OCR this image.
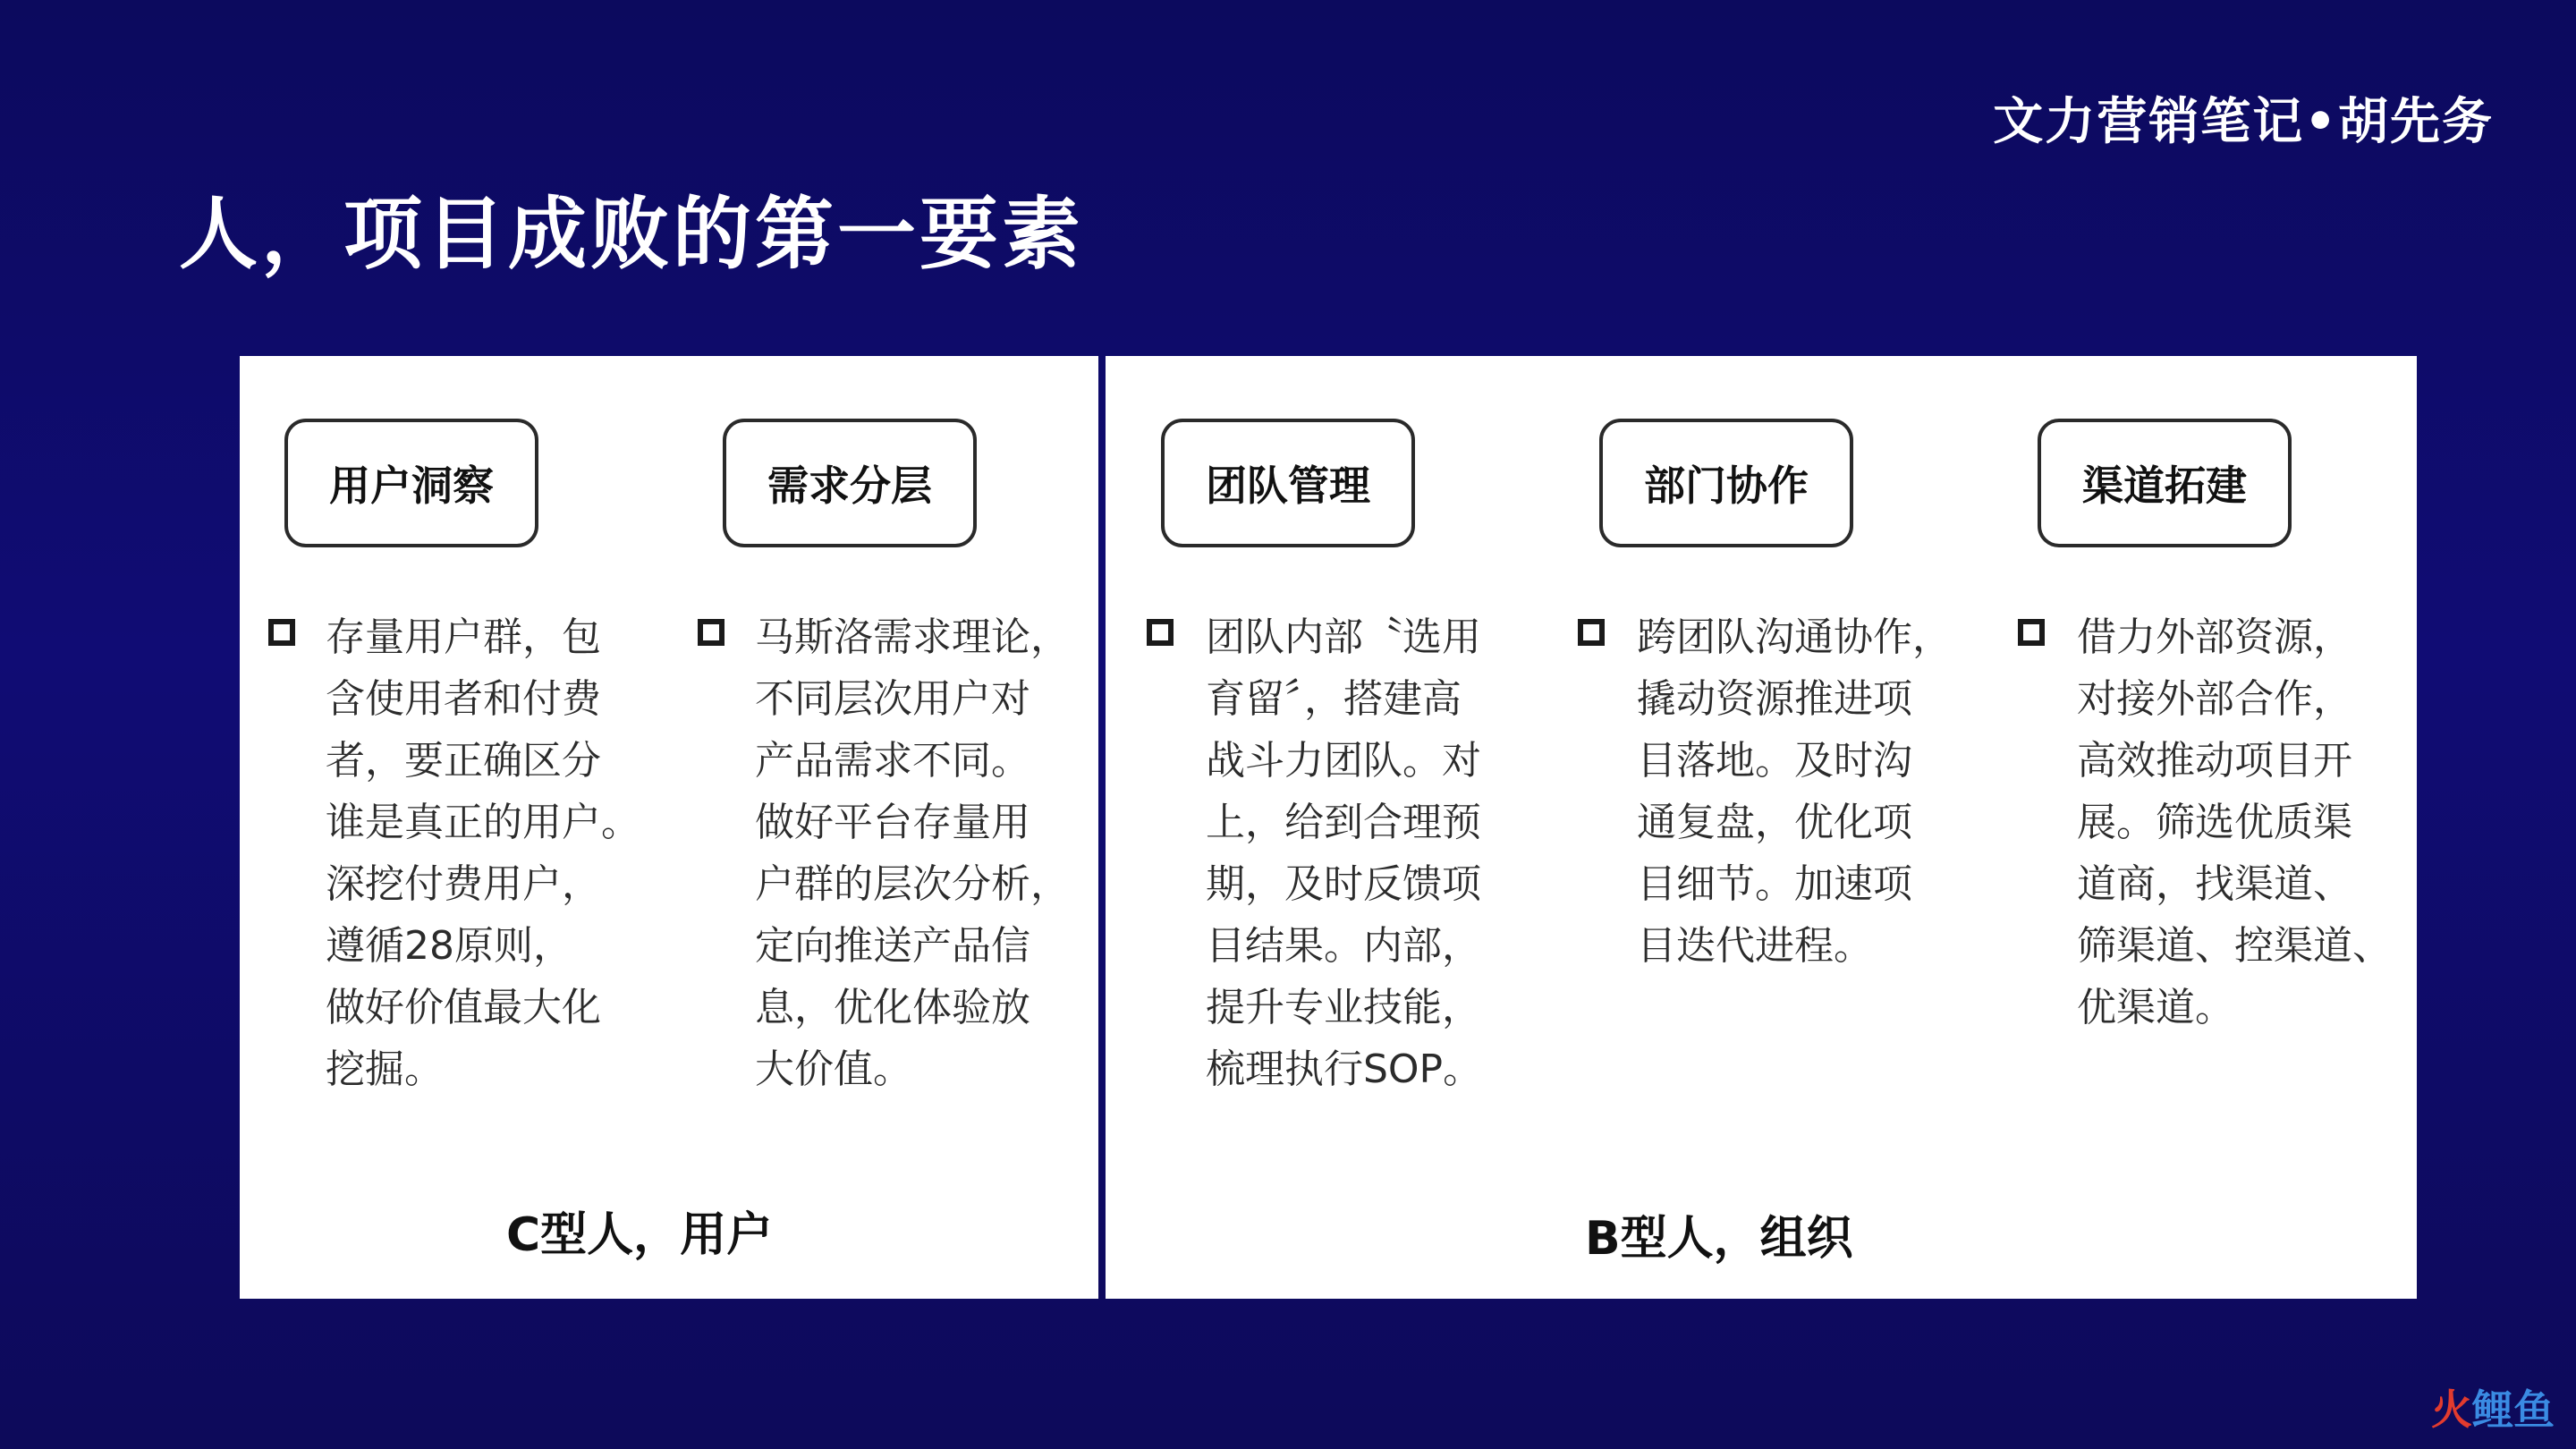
文力营销笔记•胡先务
人，项目成败的第一要素
用户洞察
存量用户群，包
含使用者和付费
者，要正确区分
谁是真正的用户。
深挖付费用户，
遵循28原则，
做好价值最大化
挖掘。
需求分层
马斯洛需求理论，
不同层次用户对
产品需求不同。
做好平台存量用
户群的层次分析，
定向推送产品信
息，优化体验放
大价值。
C型人，用户
团队管理
团队内部〝选用
育留〞，搭建高
战斗力团队。对
上，给到合理预
期，及时反馈项
目结果。内部，
提升专业技能，
梳理执行SOP。
部门协作
跨团队沟通协作，
撬动资源推进项
目落地。及时沟
通复盘，优化项
目细节。加速项
目迭代进程。
渠道拓建
借力外部资源，
对接外部合作，
高效推动项目开
展。筛选优质渠
道商，找渠道、
筛渠道、控渠道、
优渠道。
B型人，组织
火鲤鱼
